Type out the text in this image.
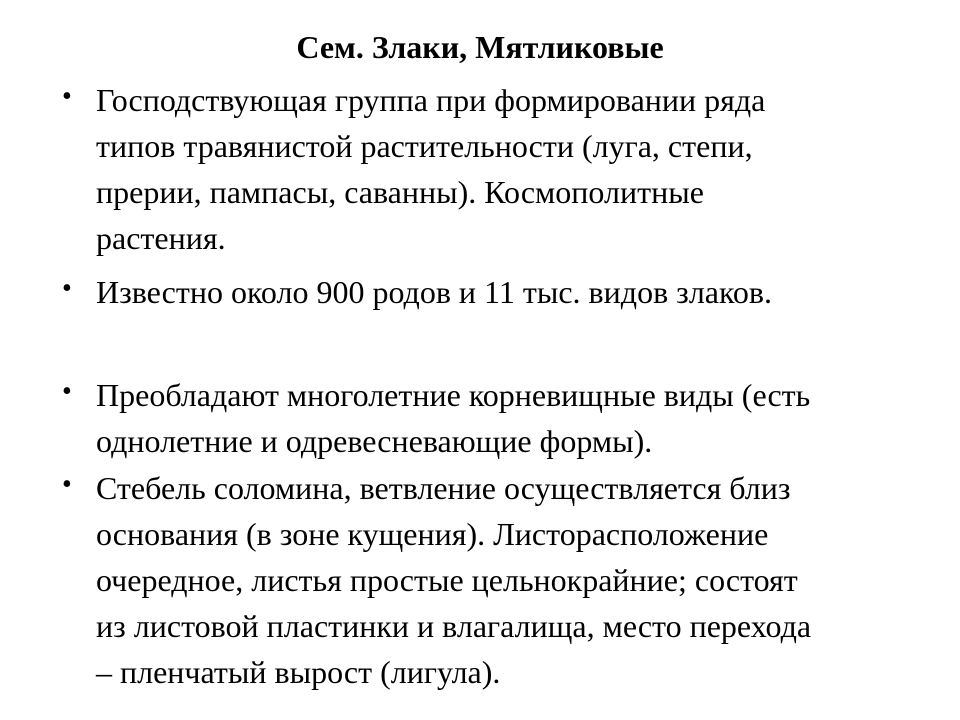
Сем. Злаки, Мятликовые
• Господствующая группа при формировании ряда
типов травянистой растительности (луга, степи,
прерии, пампасы, саванны). Космополитные
растения.
• Известно около 900 родов и 11 тыс. видов злаков.
• Преобладают многолетние корневищные виды (есть
однолетние и одревесневающие формы).
• Стебель соломина, ветвление осуществляется близ
основания (в зоне кущения). Листорасположение
очередное, листья простые цельнокрайние; состоят
из листовой пластинки и влагалища, место перехода
– пленчатый вырост (лигула).
